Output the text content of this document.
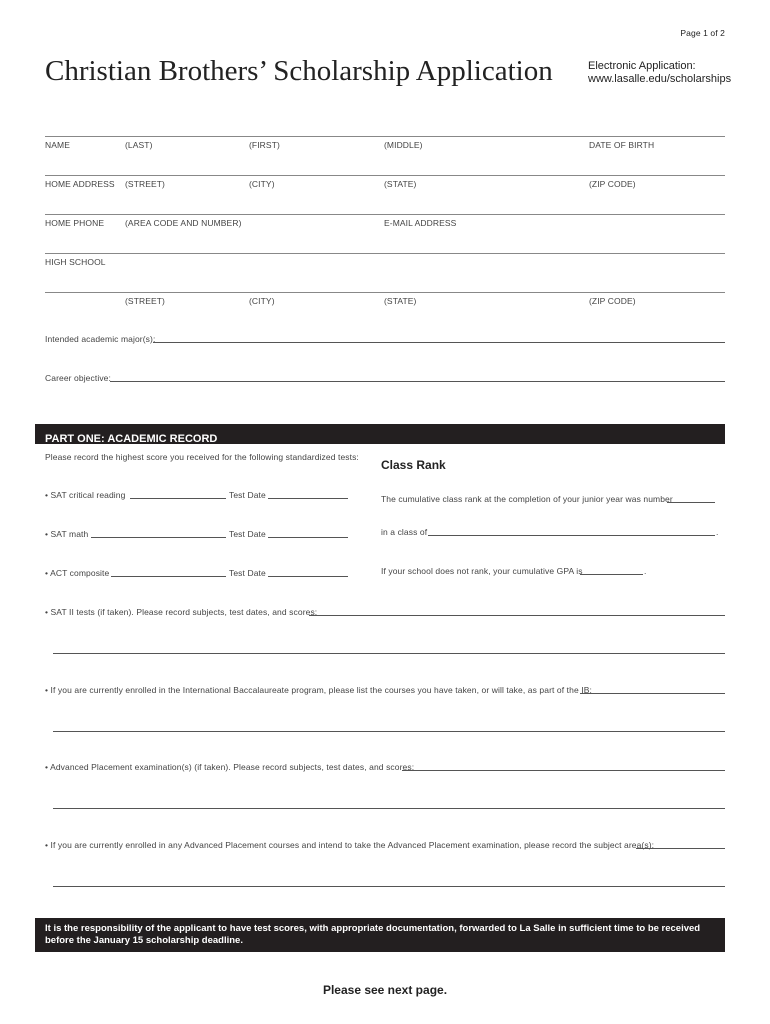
Page 1 of 2
Christian Brothers’ Scholarship Application	Electronic Application:
www.lasalle.edu/scholarships
NAME	(LAST)	(FIRST)	(MIDDLE)	DATE OF BIRTH
HOME ADDRESS (STREET)	(CITY)	(STATE)	(ZIP CODE)
HOME PHONE (AREA CODE AND NUMBER)	E-MAIL ADDRESS
HIGH SCHOOL
(STREET)	(CITY)	(STATE)	(ZIP CODE)
Intended academic major(s):
Career objective:
PART ONE: ACADEMIC RECORD
Please record the highest score you received for the following standardized tests:
• SAT critical reading	Test Date
• SAT math	Test Date
• ACT composite	Test Date
Class Rank
The cumulative class rank at the completion of your junior year was number
in a class of	.
If your school does not rank, your cumulative GPA is	.
• SAT II tests (if taken). Please record subjects, test dates, and scores:
• If you are currently enrolled in the International Baccalaureate program, please list the courses you have taken, or will take, as part of the IB:
• Advanced Placement examination(s) (if taken). Please record subjects, test dates, and scores:
• If you are currently enrolled in any Advanced Placement courses and intend to take the Advanced Placement examination, please record the subject area(s):
It is the responsibility of the applicant to have test scores, with appropriate documentation, forwarded to La Salle in sufficient time to be received before the January 15 scholarship deadline.
Please see next page.
